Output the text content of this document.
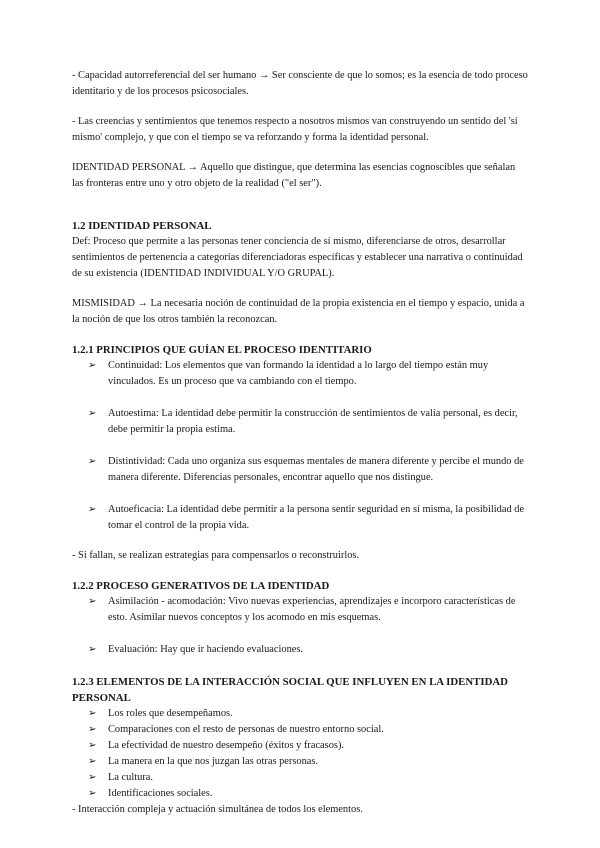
- Capacidad autorreferencial del ser humano → Ser consciente de que lo somos; es la esencia de todo proceso identitario y de los procesos psicosociales.

- Las creencias y sentimientos que tenemos respecto a nosotros mismos van construyendo un sentido del 'sí mismo' complejo, y que con el tiempo se va reforzando y forma la identidad personal.

IDENTIDAD PERSONAL → Aquello que distingue, que determina las esencias cognoscibles que señalan las fronteras entre uno y otro objeto de la realidad ("el ser").

1.2 IDENTIDAD PERSONAL

Def: Proceso que permite a las personas tener conciencia de sí mismo, diferenciarse de otros, desarrollar sentimientos de pertenencia a categorías diferenciadoras específicas y establecer una narrativa o continuidad de su existencia (IDENTIDAD INDIVIDUAL Y/O GRUPAL).

MISMISIDAD → La necesaria noción de continuidad de la propia existencia en el tiempo y espacio, unida a la noción de que los otros también la reconozcan.

1.2.1 PRINCIPIOS QUE GUÍAN EL PROCESO IDENTITARIO

➢ Continuidad: Los elementos que van formando la identidad a lo largo del tiempo están muy vinculados. Es un proceso que va cambiando con el tiempo.
➢ Autoestima: La identidad debe permitir la construcción de sentimientos de valía personal, es decir, debe permitir la propia estima.
➢ Distintividad: Cada uno organiza sus esquemas mentales de manera diferente y percibe el mundo de manera diferente. Diferencias personales, encontrar aquello que nos distingue.
➢ Autoeficacia: La identidad debe permitir a la persona sentir seguridad en sí misma, la posibilidad de tomar el control de la propia vida.

- Si fallan, se realizan estrategias para compensarlos o reconstruirlos.

1.2.2 PROCESO GENERATIVOS DE LA IDENTIDAD

➢ Asimilación - acomodación: Vivo nuevas experiencias, aprendizajes e incorporo características de esto. Asimilar nuevos conceptos y los acomodo en mis esquemas.
➢ Evaluación: Hay que ir haciendo evaluaciones.

1.2.3 ELEMENTOS DE LA INTERACCIÓN SOCIAL QUE INFLUYEN EN LA IDENTIDAD PERSONAL

➢ Los roles que desempeñamos.
➢ Comparaciones con el resto de personas de nuestro entorno social.
➢ La efectividad de nuestro desempeño (éxitos y fracasos).
➢ La manera en la que nos juzgan las otras personas.
➢ La cultura.
➢ Identificaciones sociales.

- Interacción compleja y actuación simultánea de todos los elementos.
